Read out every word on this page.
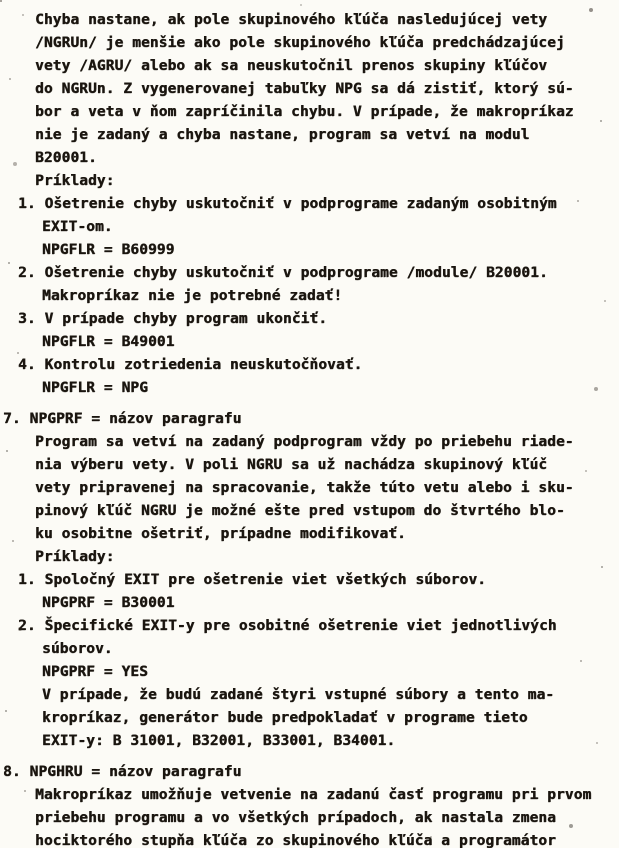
Chyba nastane, ak pole skupinového kľúča nasledujúcej vety
/NGRUn/ je menšie ako pole skupinového kľúča predchádzajúcej
vety /AGRU/ alebo ak sa neuskutočnil prenos skupiny kľúčov
do NGRUn. Z vygenerovanej tabuľky NPG sa dá zistiť, ktorý sú-
bor a veta v ňom zapríčinila chybu. V prípade, že makropríkaz
nie je zadaný a chyba nastane, program sa vetví na modul
B20001.
Príklady:
1. Ošetrenie chyby uskutočniť v podprograme zadaným osobitným
EXIT-om.
NPGFLR = B60999
2. Ošetrenie chyby uskutočniť v podprograme /module/ B20001.
Makropríkaz nie je potrebné zadať!
3. V prípade chyby program ukončiť.
NPGFLR = B49001
4. Kontrolu zotriedenia neuskutočňovať.
NPGFLR = NPG
7. NPGPRF = názov paragrafu
Program sa vetví na zadaný podprogram vždy po priebehu riade-
nia výberu vety. V poli NGRU sa už nachádza skupinový kľúč
vety pripravenej na spracovanie, takže túto vetu alebo i sku-
pinový kľúč NGRU je možné ešte pred vstupom do štvrtého blo-
ku osobitne ošetriť, prípadne modifikovať.
Príklady:
1. Spoločný EXIT pre ošetrenie viet všetkých súborov.
NPGPRF = B30001
2. Špecifické EXIT-y pre osobitné ošetrenie viet jednotlivých
súborov.
NPGPRF = YES
V prípade, že budú zadané štyri vstupné súbory a tento ma-
kropríkaz, generátor bude predpokladať v programe tieto
EXIT-y: B 31001, B32001, B33001, B34001.
8. NPGHRU = názov paragrafu
Makropríkaz umožňuje vetvenie na zadanú časť programu pri prvom
priebehu programu a vo všetkých prípadoch, ak nastala zmena
hociktorého stupňa kľúča zo skupinového kľúča a programátor
